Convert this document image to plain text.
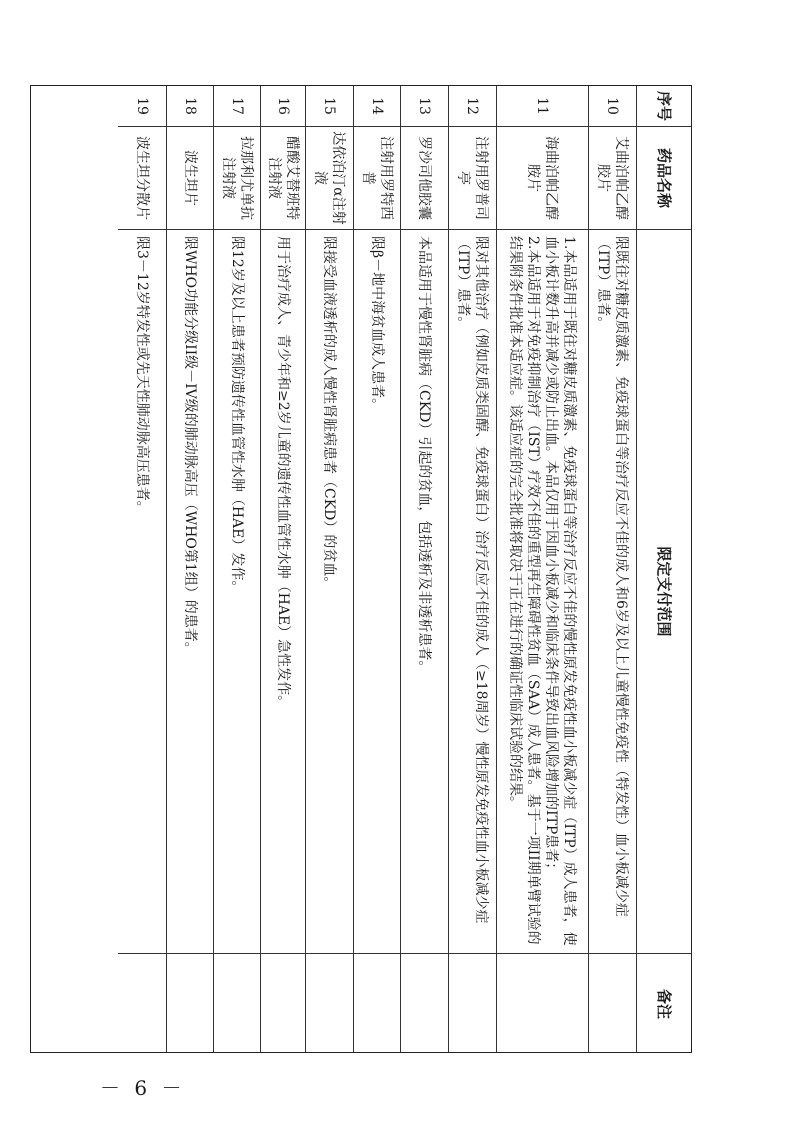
序号
药品名称
限定支付范围
备注
10
艾曲泊帕乙醇胶片
限既往对糖皮质激素、免疫球蛋白等治疗反应不佳的成人和6岁及以上儿童慢性免疫性（特发性）血小板减少症（ITP）患者。
11
海曲泊帕乙醇胺片
1.本品适用于既往对糖皮质激素、免疫球蛋白等治疗反应不佳的慢性原发免疫性血小板减少症（ITP）成人患者，使血小板计数升高并减少或防止出血。本品仅用于因血小板减少和临床条件导致出血风险增加的ITP患者；
2.本品适用于对免疫抑制治疗（IST）疗效不佳的重型再生障碍性贫血（SAA）成人患者。基于一项II期单臂试验的结果附条件批准本适应症。该适应症的完全批准将取决于正在进行的确证性临床试验的结果。
12
注射用罗普司亭
限对其他治疗（例如皮质类固醇、免疫球蛋白）治疗反应不佳的成人（≥18周岁）慢性原发免疫性血小板减少症（ITP）患者。
13
罗沙司他胶囊
本品适用于慢性肾脏病（CKD）引起的贫血，包括透析及非透析患者。
14
注射用罗特西普
限β－地中海贫血成人患者。
15
达依泊汀α注射液
限接受血液透析的成人慢性肾脏病患者（CKD）的贫血。
16
醋酸艾替班特注射液
用于治疗成人、青少年和≥2岁儿童的遗传性血管性水肿（HAE）急性发作。
17
拉那利尤单抗注射液
限12岁及以上患者预防遗传性血管性水肿（HAE）发作。
18
波生坦片
限WHO功能分级II级－IV级的肺动脉高压（WHO第1组）的患者。
19
波生坦分散片
限3－12岁特发性或先天性肺动脉高压患者。
－ 6 －
